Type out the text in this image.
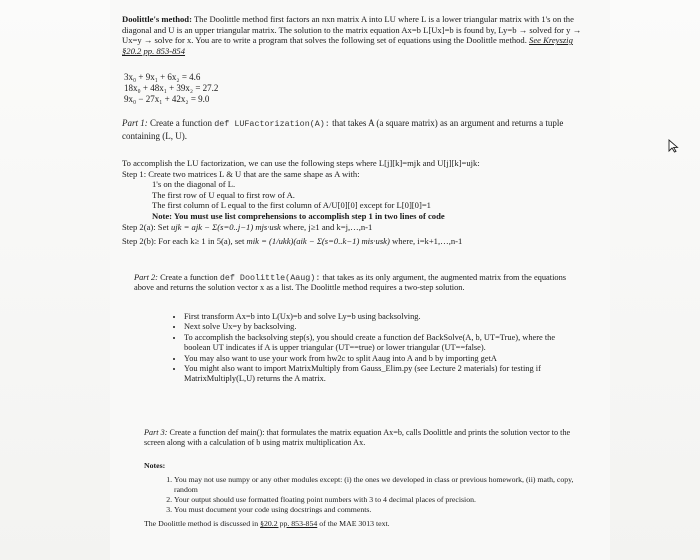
Doolittle's method: The Doolittle method first factors an nxn matrix A into LU where L is a lower triangular matrix with 1's on the diagonal and U is an upper triangular matrix. The solution to the matrix equation Ax=b L[Ux]=b is found by, Ly=b → solved for y → Ux=y → solve for x. You are to write a program that solves the following set of equations using the Doolittle method. See Kreyszig §20.2 pp. 853-854
3x₀ + 9x₁ + 6x₂ = 4.6
18x₀ + 48x₁ + 39x₂ = 27.2
9x₀ − 27x₁ + 42x₂ = 9.0
Part 1: Create a function def LUFactorization(A): that takes A (a square matrix) as an argument and returns a tuple containing (L, U).
To accomplish the LU factorization, we can use the following steps where L[j][k]=mjk and U[j][k]=ujk:
Step 1: Create two matrices L & U that are the same shape as A with:
1's on the diagonal of L.
The first row of U equal to first row of A.
The first column of L equal to the first column of A/U[0][0] except for L[0][0]=1
Note: You must use list comprehensions to accomplish step 1 in two lines of code
Step 2(a): Set ujk = ajk − Σ(s=0..j−1) mjs·usk where, j≥1 and k=j,…,n-1
Step 2(b): For each k≥ 1 in 5(a), set mik = (1/ukk)(aik − Σ(s=0..k−1) mis·usk) where, i=k+1,…,n-1
Part 2: Create a function def Doolittle(Aaug): that takes as its only argument, the augmented matrix from the equations above and returns the solution vector x as a list. The Doolittle method requires a two-step solution.
• First transform Ax=b into L(Ux)=b and solve Ly=b using backsolving.
• Next solve Ux=y by backsolving.
• To accomplish the backsolving step(s), you should create a function def BackSolve(A, b, UT=True), where the boolean UT indicates if A is upper triangular (UT==true) or lower triangular (UT==false).
• You may also want to use your work from hw2c to split Aaug into A and b by importing getA
• You might also want to import MatrixMultiply from Gauss_Elim.py (see Lecture 2 materials) for testing if MatrixMultiply(L,U) returns the A matrix.
Part 3: Create a function def main(): that formulates the matrix equation Ax=b, calls Doolittle and prints the solution vector to the screen along with a calculation of b using matrix multiplication Ax.
Notes:
1. You may not use numpy or any other modules except: (i) the ones we developed in class or previous homework, (ii) math, copy, random
2. Your output should use formatted floating point numbers with 3 to 4 decimal places of precision.
3. You must document your code using docstrings and comments.
The Doolittle method is discussed in §20.2 pp. 853-854 of the MAE 3013 text.
